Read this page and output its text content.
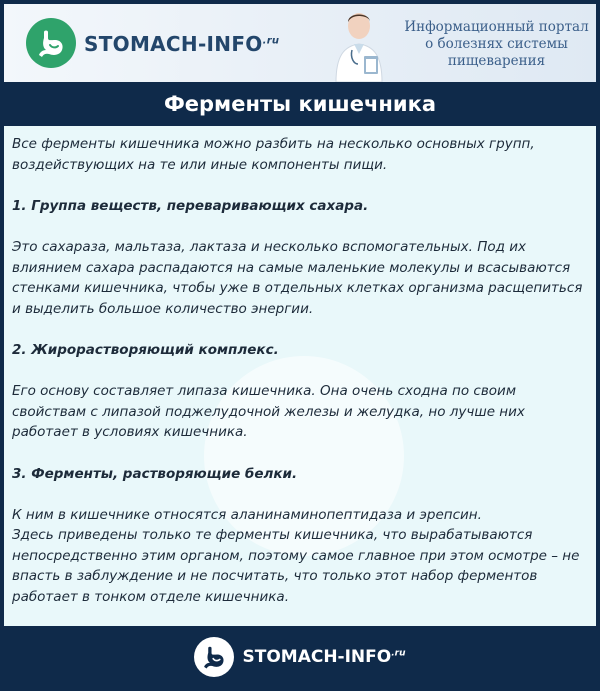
STOMACH-$INFO^{.ru}$
Информационный портал
о болезнях системы
пищеварения
Ферменты кишечника

Все ферменты кишечника можно разбить на несколько основных групп, воздействующих на те или иные компоненты пищи.

1. Группа веществ, переваривающих сахара.

Это сахараза, мальтаза, лактаза и несколько вспомогательных. Под их влиянием сахара распадаются на самые маленькие молекулы и всасываются стенками кишечника, чтобы уже в отдельных клетках организма расщепиться и выделить большое количество энергии.

2. Жирорастворяющий комплекс.

Его основу составляет липаза кишечника. Она очень сходна по своим свойствам с липазой поджелудочной железы и желудка, но лучше них работает в условиях кишечника.

3. Ферменты, растворяющие белки.

К ним в кишечнике относятся аланинаминопептидаза и эрепсин.

Здесь приведены только те ферменты кишечника, что вырабатываются непосредственно этим органом, поэтому самое главное при этом осмотре – не впасть в заблуждение и не посчитать, что только этот набор ферментов работает в тонком отделе кишечника.

STOMACH-$INFO^{.ru}$
